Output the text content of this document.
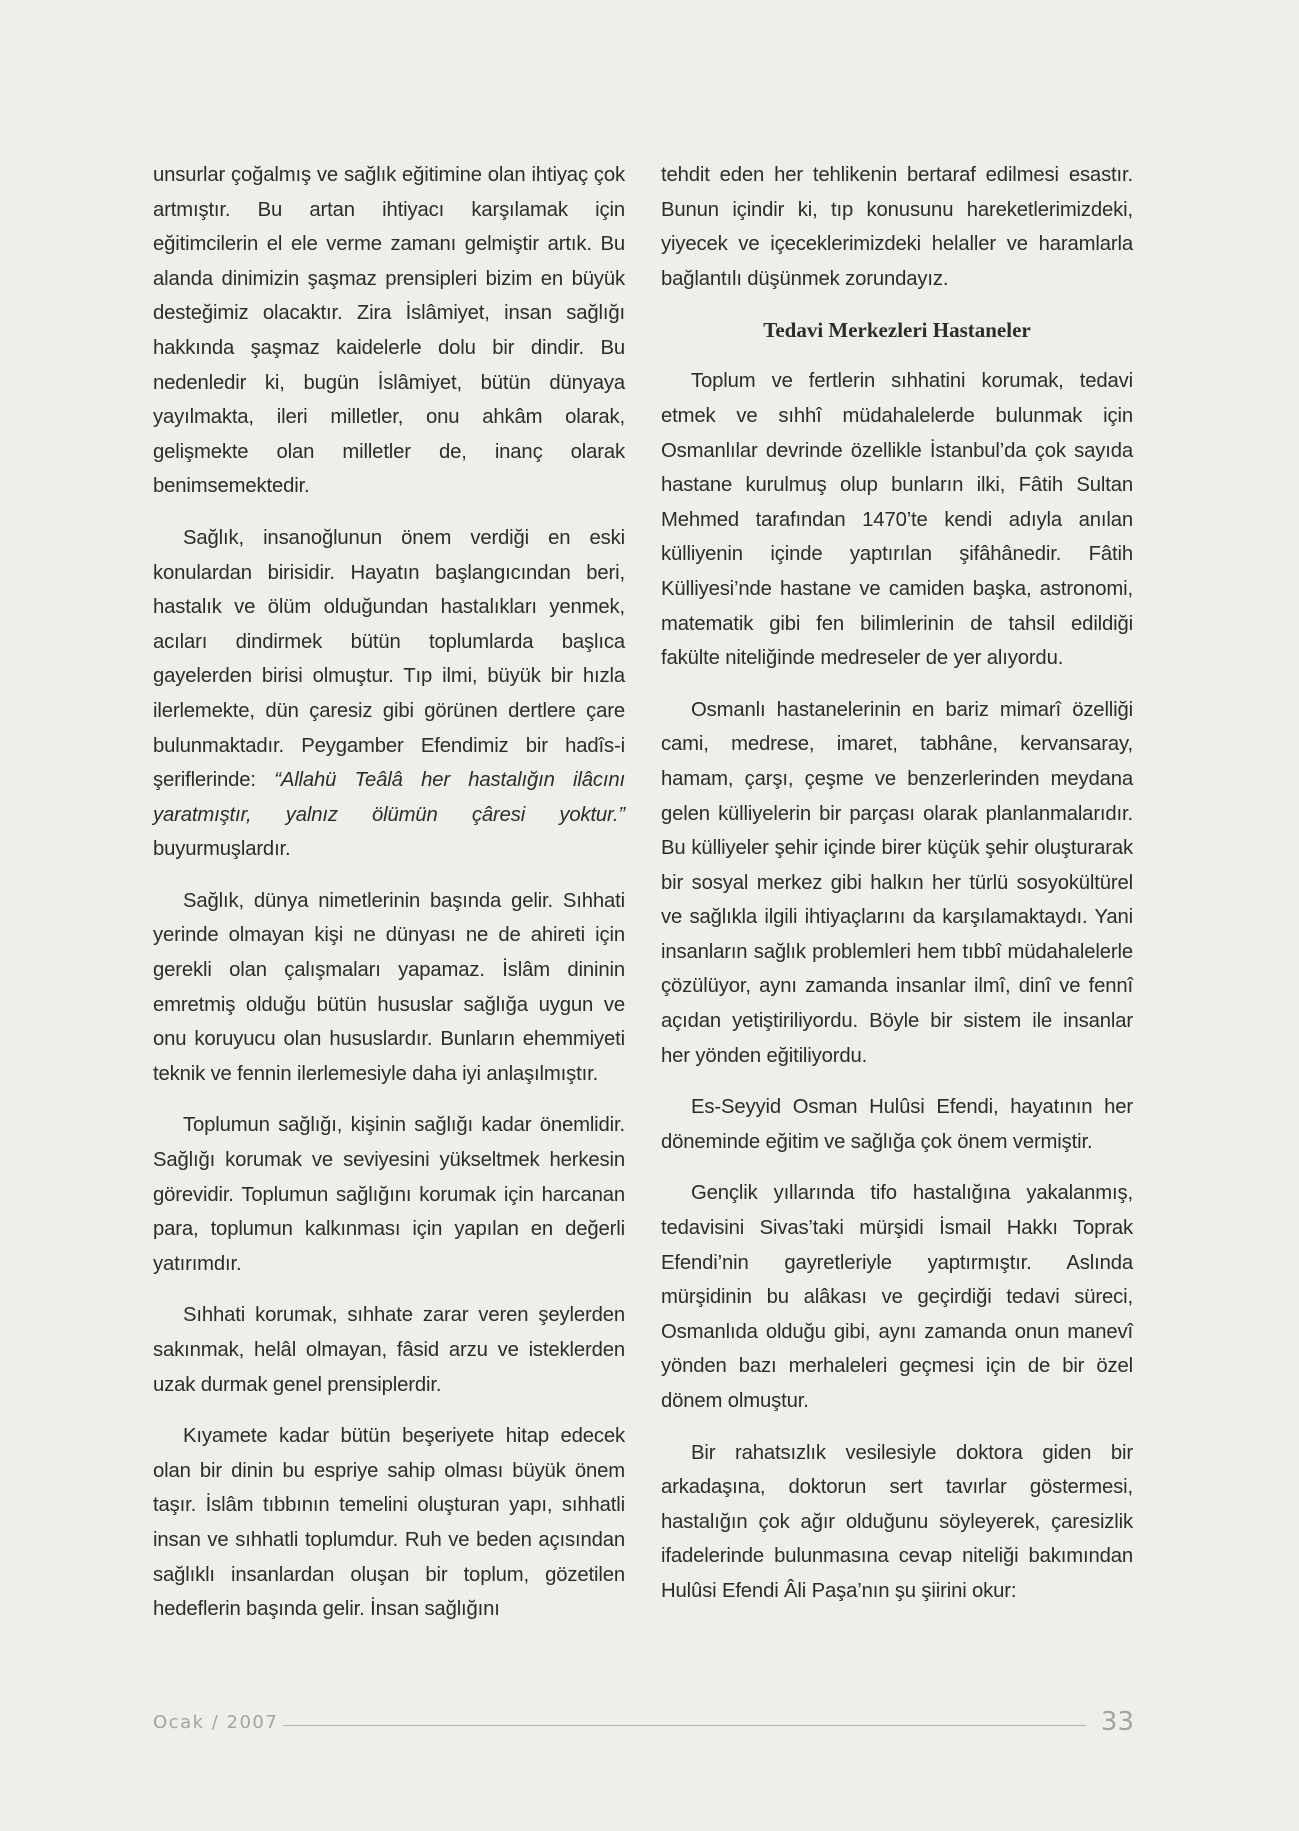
unsurlar çoğalmış ve sağlık eğitimine olan ihtiyaç çok artmıştır. Bu artan ihtiyacı karşılamak için eğitimcilerin el ele verme zamanı gelmiştir artık. Bu alanda dinimizin şaşmaz prensipleri bizim en büyük desteğimiz olacaktır. Zira İslâmiyet, insan sağlığı hakkında şaşmaz kaidelerle dolu bir dindir. Bu nedenledir ki, bugün İslâmiyet, bütün dünyaya yayılmakta, ileri milletler, onu ahkâm olarak, gelişmekte olan milletler de, inanç olarak benimsemektedir.

Sağlık, insanoğlunun önem verdiği en eski konulardan birisidir. Hayatın başlangıcından beri, hastalık ve ölüm olduğundan hastalıkları yenmek, acıları dindirmek bütün toplumlarda başlıca gayelerden birisi olmuştur. Tıp ilmi, büyük bir hızla ilerlemekte, dün çaresiz gibi görünen dertlere çare bulunmaktadır. Peygamber Efendimiz bir hadîs-i şeriflerinde: “Allahü Teâlâ her hastalığın ilâcını yaratmıştır, yalnız ölümün çâresi yoktur.” buyurmuşlardır.

Sağlık, dünya nimetlerinin başında gelir. Sıhhati yerinde olmayan kişi ne dünyası ne de ahireti için gerekli olan çalışmaları yapamaz. İslâm dininin emretmiş olduğu bütün hususlar sağlığa uygun ve onu koruyucu olan hususlardır. Bunların ehemmiyeti teknik ve fennin ilerlemesiyle daha iyi anlaşılmıştır.

Toplumun sağlığı, kişinin sağlığı kadar önemlidir. Sağlığı korumak ve seviyesini yükseltmek herkesin görevidir. Toplumun sağlığını korumak için harcanan para, toplumun kalkınması için yapılan en değerli yatırımdır.

Sıhhati korumak, sıhhate zarar veren şeylerden sakınmak, helâl olmayan, fâsid arzu ve isteklerden uzak durmak genel prensiplerdir.

Kıyamete kadar bütün beşeriyete hitap edecek olan bir dinin bu espriye sahip olması büyük önem taşır. İslâm tıbbının temelini oluşturan yapı, sıhhatli insan ve sıhhatli toplumdur. Ruh ve beden açısından sağlıklı insanlardan oluşan bir toplum, gözetilen hedeflerin başında gelir. İnsan sağlığını

tehdit eden her tehlikenin bertaraf edilmesi esastır. Bunun içindir ki, tıp konusunu hareketlerimizdeki, yiyecek ve içeceklerimizdeki helaller ve haramlarla bağlantılı düşünmek zorundayız.

Tedavi Merkezleri Hastaneler

Toplum ve fertlerin sıhhatini korumak, tedavi etmek ve sıhhî müdahalelerde bulunmak için Osmanlılar devrinde özellikle İstanbul’da çok sayıda hastane kurulmuş olup bunların ilki, Fâtih Sultan Mehmed tarafından 1470’te kendi adıyla anılan külliyenin içinde yaptırılan şifâhânedir. Fâtih Külliyesi’nde hastane ve camiden başka, astronomi, matematik gibi fen bilimlerinin de tahsil edildiği fakülte niteliğinde medreseler de yer alıyordu.

Osmanlı hastanelerinin en bariz mimarî özelliği cami, medrese, imaret, tabhâne, kervansaray, hamam, çarşı, çeşme ve benzerlerinden meydana gelen külliyelerin bir parçası olarak planlanmalarıdır. Bu külliyeler şehir içinde birer küçük şehir oluşturarak bir sosyal merkez gibi halkın her türlü sosyokültürel ve sağlıkla ilgili ihtiyaçlarını da karşılamaktaydı. Yani insanların sağlık problemleri hem tıbbî müdahalelerle çözülüyor, aynı zamanda insanlar ilmî, dinî ve fennî açıdan yetiştiriliyordu. Böyle bir sistem ile insanlar her yönden eğitiliyordu.

Es-Seyyid Osman Hulûsi Efendi, hayatının her döneminde eğitim ve sağlığa çok önem vermiştir.

Gençlik yıllarında tifo hastalığına yakalanmış, tedavisini Sivas’taki mürşidi İsmail Hakkı Toprak Efendi’nin gayretleriyle yaptırmıştır. Aslında mürşidinin bu alâkası ve geçirdiği tedavi süreci, Osmanlıda olduğu gibi, aynı zamanda onun manevî yönden bazı merhaleleri geçmesi için de bir özel dönem olmuştur.

Bir rahatsızlık vesilesiyle doktora giden bir arkadaşına, doktorun sert tavırlar göstermesi, hastalığın çok ağır olduğunu söyleyerek, çaresizlik ifadelerinde bulunmasına cevap niteliği bakımından Hulûsi Efendi Âli Paşa’nın şu şiirini okur:

Ocak / 2007	33
